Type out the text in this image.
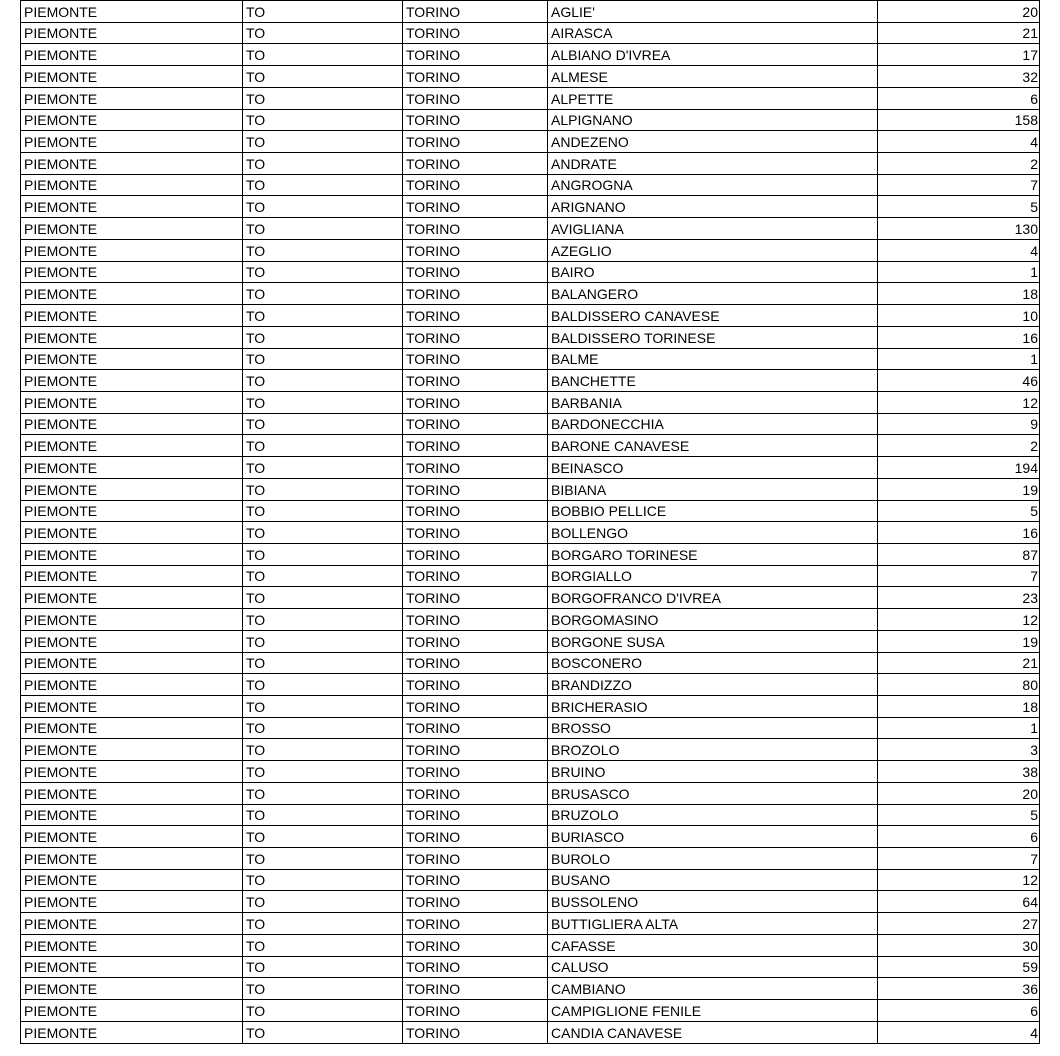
PIEMONTE	TO	TORINO	AGLIE'	20
PIEMONTE	TO	TORINO	AIRASCA	21
PIEMONTE	TO	TORINO	ALBIANO D'IVREA	17
PIEMONTE	TO	TORINO	ALMESE	32
PIEMONTE	TO	TORINO	ALPETTE	6
PIEMONTE	TO	TORINO	ALPIGNANO	158
PIEMONTE	TO	TORINO	ANDEZENO	4
PIEMONTE	TO	TORINO	ANDRATE	2
PIEMONTE	TO	TORINO	ANGROGNA	7
PIEMONTE	TO	TORINO	ARIGNANO	5
PIEMONTE	TO	TORINO	AVIGLIANA	130
PIEMONTE	TO	TORINO	AZEGLIO	4
PIEMONTE	TO	TORINO	BAIRO	1
PIEMONTE	TO	TORINO	BALANGERO	18
PIEMONTE	TO	TORINO	BALDISSERO CANAVESE	10
PIEMONTE	TO	TORINO	BALDISSERO TORINESE	16
PIEMONTE	TO	TORINO	BALME	1
PIEMONTE	TO	TORINO	BANCHETTE	46
PIEMONTE	TO	TORINO	BARBANIA	12
PIEMONTE	TO	TORINO	BARDONECCHIA	9
PIEMONTE	TO	TORINO	BARONE CANAVESE	2
PIEMONTE	TO	TORINO	BEINASCO	194
PIEMONTE	TO	TORINO	BIBIANA	19
PIEMONTE	TO	TORINO	BOBBIO PELLICE	5
PIEMONTE	TO	TORINO	BOLLENGO	16
PIEMONTE	TO	TORINO	BORGARO TORINESE	87
PIEMONTE	TO	TORINO	BORGIALLO	7
PIEMONTE	TO	TORINO	BORGOFRANCO D'IVREA	23
PIEMONTE	TO	TORINO	BORGOMASINO	12
PIEMONTE	TO	TORINO	BORGONE SUSA	19
PIEMONTE	TO	TORINO	BOSCONERO	21
PIEMONTE	TO	TORINO	BRANDIZZO	80
PIEMONTE	TO	TORINO	BRICHERASIO	18
PIEMONTE	TO	TORINO	BROSSO	1
PIEMONTE	TO	TORINO	BROZOLO	3
PIEMONTE	TO	TORINO	BRUINO	38
PIEMONTE	TO	TORINO	BRUSASCO	20
PIEMONTE	TO	TORINO	BRUZOLO	5
PIEMONTE	TO	TORINO	BURIASCO	6
PIEMONTE	TO	TORINO	BUROLO	7
PIEMONTE	TO	TORINO	BUSANO	12
PIEMONTE	TO	TORINO	BUSSOLENO	64
PIEMONTE	TO	TORINO	BUTTIGLIERA ALTA	27
PIEMONTE	TO	TORINO	CAFASSE	30
PIEMONTE	TO	TORINO	CALUSO	59
PIEMONTE	TO	TORINO	CAMBIANO	36
PIEMONTE	TO	TORINO	CAMPIGLIONE FENILE	6
PIEMONTE	TO	TORINO	CANDIA CANAVESE	4
